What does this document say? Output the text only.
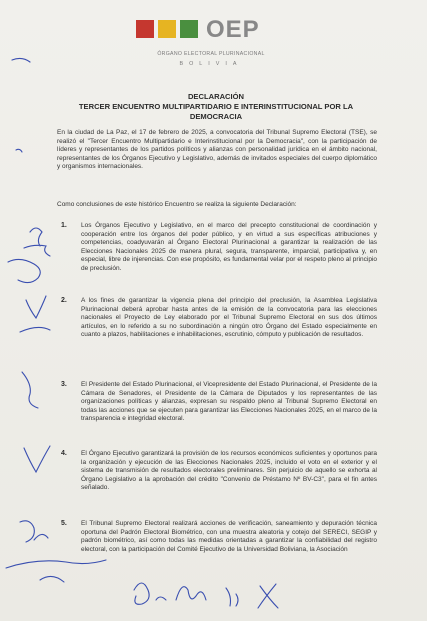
OEP
ÓRGANO ELECTORAL PLURINACIONAL
BOLIVIA
DECLARACIÓN
TERCER ENCUENTRO MULTIPARTIDARIO E INTERINSTITUCIONAL POR LA
DEMOCRACIA
En la ciudad de La Paz, el 17 de febrero de 2025, a convocatoria del Tribunal Supremo Electoral (TSE), se realizó el "Tercer Encuentro Multipartidario e Interinstitucional por la Democracia", con la participación de líderes y representantes de los partidos políticos y alianzas con personalidad jurídica en el ámbito nacional, representantes de los Órganos Ejecutivo y Legislativo, además de invitados especiales del cuerpo diplomático y organismos internacionales.
Como conclusiones de este histórico Encuentro se realiza la siguiente Declaración:
1. Los Órganos Ejecutivo y Legislativo, en el marco del precepto constitucional de coordinación y cooperación entre los órganos del poder público, y en virtud a sus específicas atribuciones y competencias, coadyuvarán al Órgano Electoral Plurinacional a garantizar la realización de las Elecciones Nacionales 2025 de manera plural, segura, transparente, imparcial, participativa y, en especial, libre de injerencias. Con ese propósito, es fundamental velar por el respeto pleno al principio de preclusión.
2. A los fines de garantizar la vigencia plena del principio del preclusión, la Asamblea Legislativa Plurinacional deberá aprobar hasta antes de la emisión de la convocatoria para las elecciones nacionales el Proyecto de Ley elaborado por el Tribunal Supremo Electoral en sus dos últimos artículos, en lo referido a su no subordinación a ningún otro Órgano del Estado especialmente en cuanto a plazos, habilitaciones e inhabilitaciones, escrutinio, cómputo y publicación de resultados.
3. El Presidente del Estado Plurinacional, el Vicepresidente del Estado Plurinacional, el Presidente de la Cámara de Senadores, el Presidente de la Cámara de Diputados y los representantes de las organizaciones políticas y alianzas, expresan su respaldo pleno al Tribunal Supremo Electoral en todas las acciones que se ejecuten para garantizar las Elecciones Nacionales 2025, en el marco de la transparencia e integridad electoral.
4. El Órgano Ejecutivo garantizará la provisión de los recursos económicos suficientes y oportunos para la organización y ejecución de las Elecciones Nacionales 2025, incluido el voto en el exterior y el sistema de transmisión de resultados electorales preliminares. Sin perjuicio de aquello se exhorta al Órgano Legislativo a la aprobación del crédito "Convenio de Préstamo Nº BV-C3", para el fin antes señalado.
5. El Tribunal Supremo Electoral realizará acciones de verificación, saneamiento y depuración técnica oportuna del Padrón Electoral Biométrico, con una muestra aleatoria y cotejo del SERECI, SEGIP y padrón biométrico, así como todas las medidas orientadas a garantizar la confiabilidad del registro electoral, con la participación del Comité Ejecutivo de la Universidad Boliviana, la Asociación
